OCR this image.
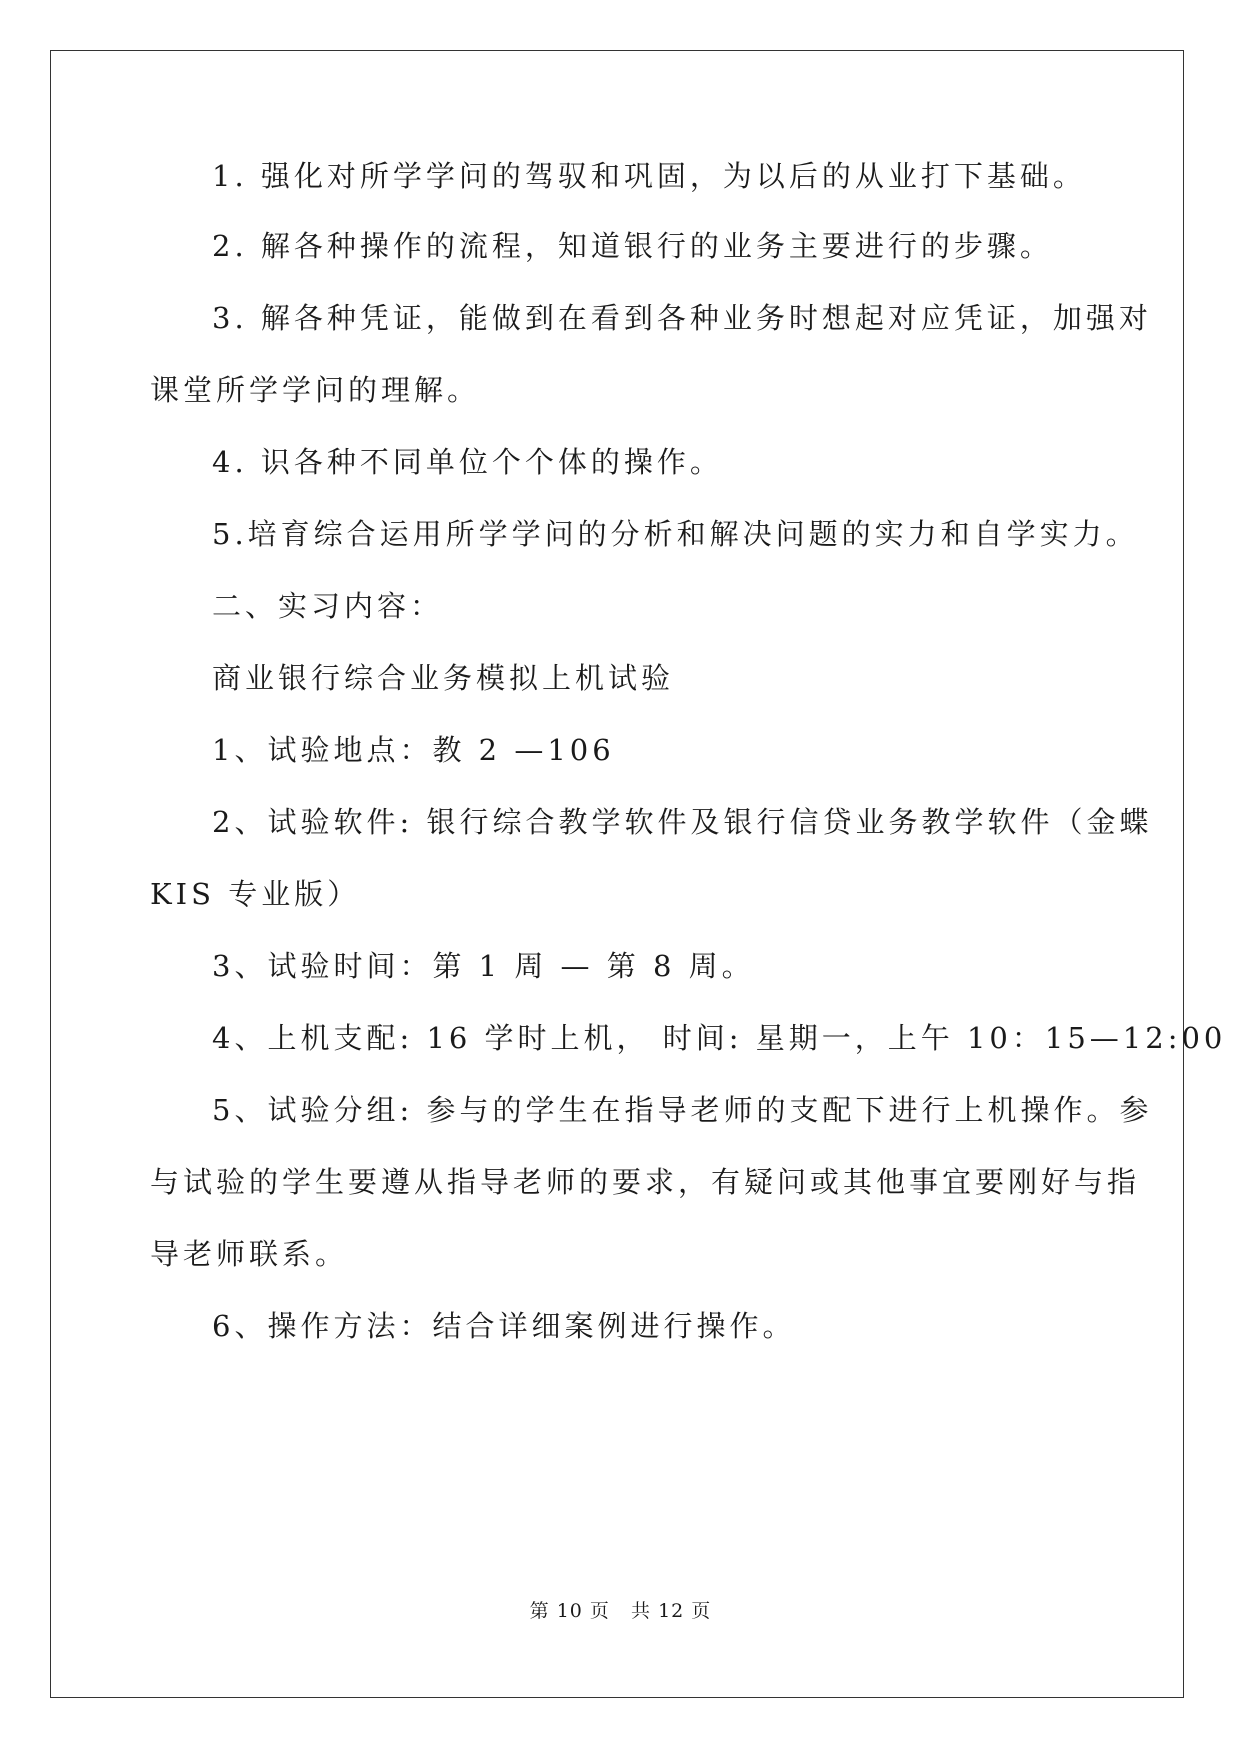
1. 强化对所学学问的驾驭和巩固，为以后的从业打下基础。
2. 解各种操作的流程，知道银行的业务主要进行的步骤。
3. 解各种凭证，能做到在看到各种业务时想起对应凭证，加强对
课堂所学学问的理解。
4. 识各种不同单位个个体的操作。
5.培育综合运用所学学问的分析和解决问题的实力和自学实力。
二、实习内容：
商业银行综合业务模拟上机试验
1、试验地点：教 2 —106
2、试验软件: 银行综合教学软件及银行信贷业务教学软件（金蝶
KIS 专业版）
3、试验时间：第 1 周 — 第 8 周。
4、上机支配: 16 学时上机， 时间: 星期一，上午 10：15—12:00
5、试验分组: 参与的学生在指导老师的支配下进行上机操作。参
与试验的学生要遵从指导老师的要求，有疑问或其他事宜要刚好与指
导老师联系。
6、操作方法：结合详细案例进行操作。
第 10 页   共 12 页
